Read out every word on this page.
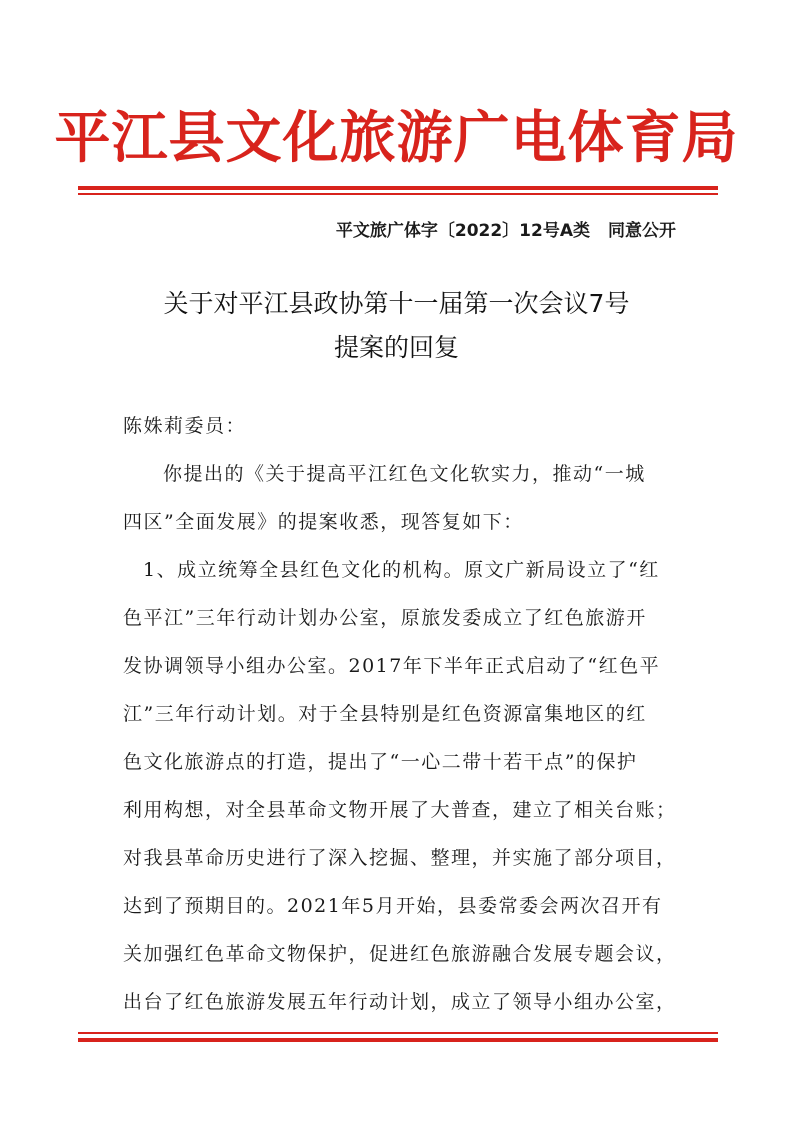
平江县文化旅游广电体育局
平文旅广体字〔2022〕12号A类 同意公开
关于对平江县政协第十一届第一次会议7号
提案的回复
陈姝莉委员：
你提出的《关于提高平江红色文化软实力，推动“一城
四区”全面发展》的提案收悉，现答复如下：
1、成立统筹全县红色文化的机构。原文广新局设立了“红
色平江”三年行动计划办公室，原旅发委成立了红色旅游开
发协调领导小组办公室。2017年下半年正式启动了“红色平
江”三年行动计划。对于全县特别是红色资源富集地区的红
色文化旅游点的打造，提出了“一心二带十若干点”的保护
利用构想，对全县革命文物开展了大普查，建立了相关台账；
对我县革命历史进行了深入挖掘、整理，并实施了部分项目，
达到了预期目的。2021年5月开始，县委常委会两次召开有
关加强红色革命文物保护，促进红色旅游融合发展专题会议，
出台了红色旅游发展五年行动计划，成立了领导小组办公室，
